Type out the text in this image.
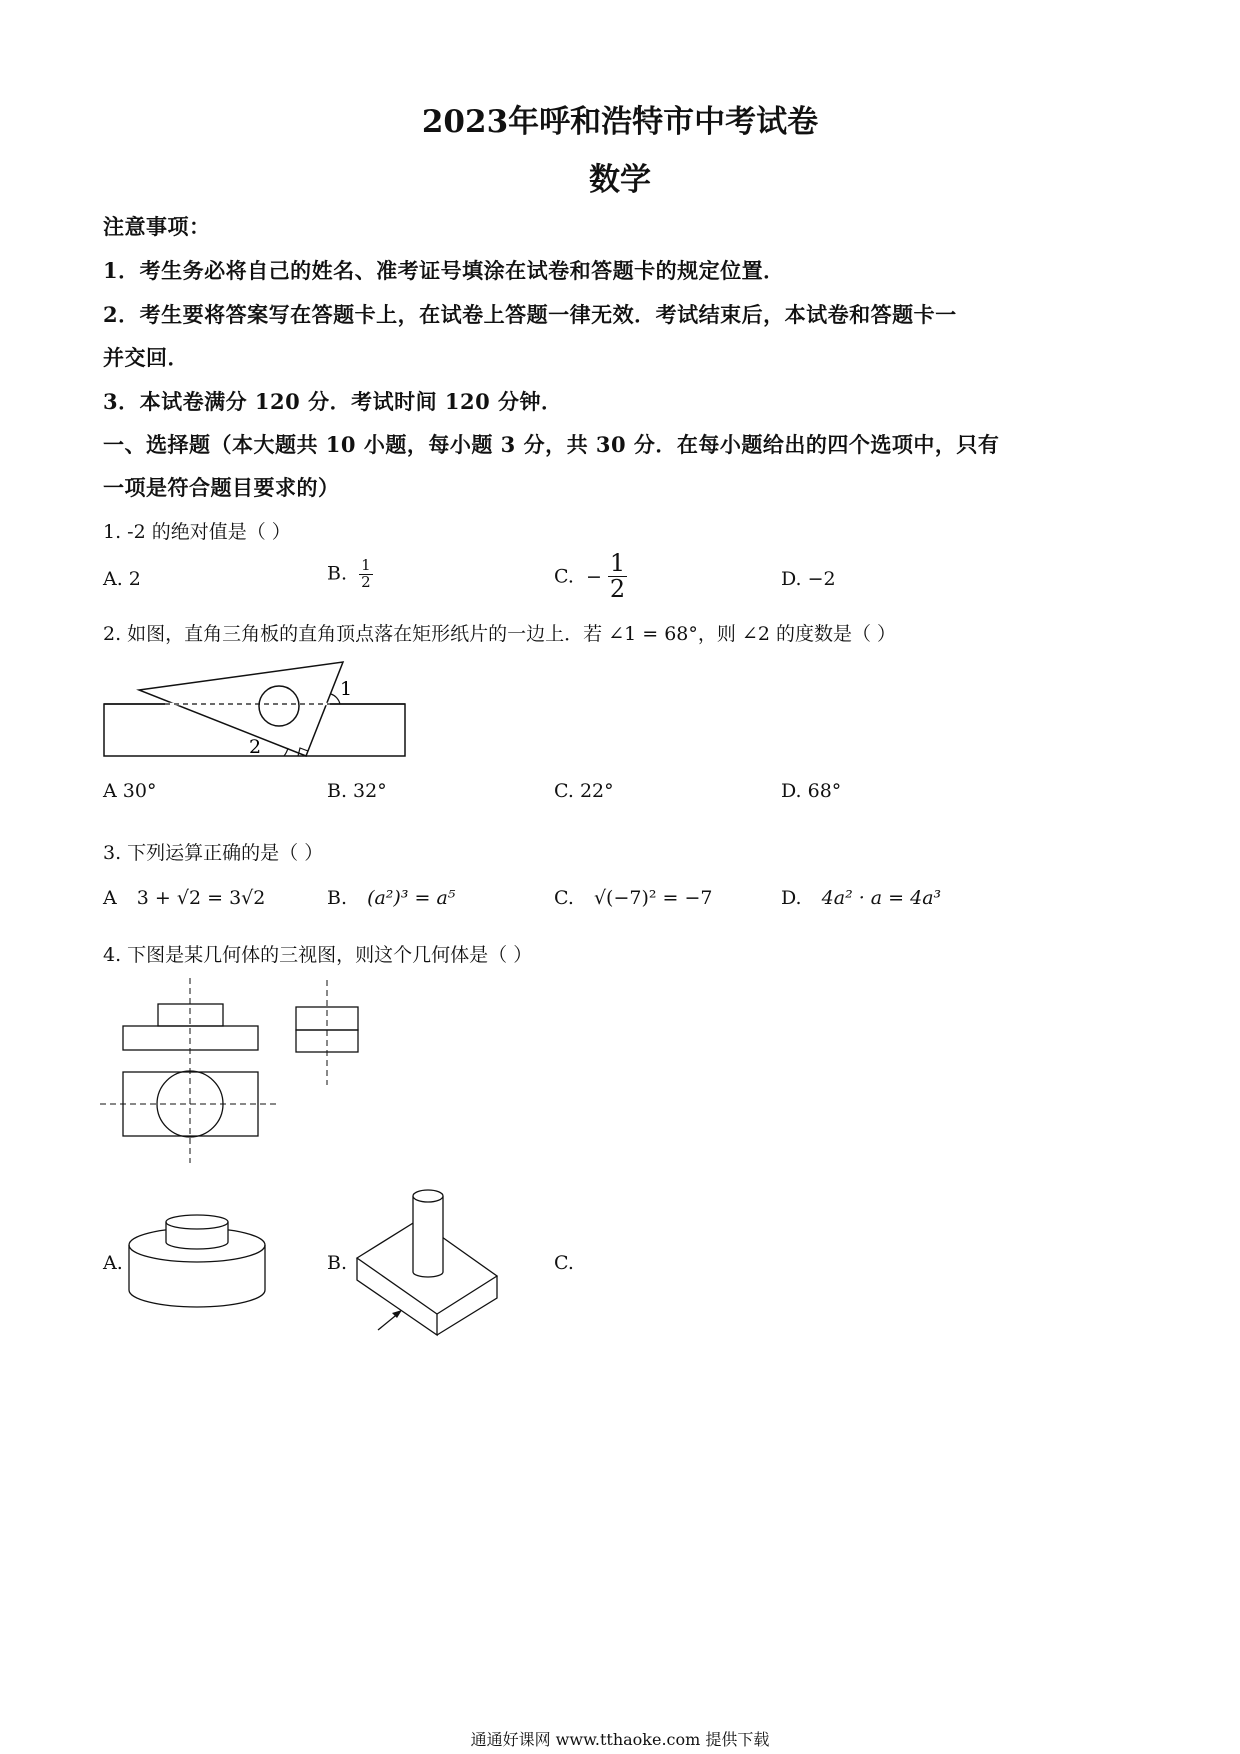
2023年呼和浩特市中考试卷
数学
注意事项：
1．考生务必将自己的姓名、准考证号填涂在试卷和答题卡的规定位置．
2．考生要将答案写在答题卡上，在试卷上答题一律无效．考试结束后，本试卷和答题卡一
并交回．
3．本试卷满分 120 分．考试时间 120 分钟．
一、选择题（本大题共 10 小题，每小题 3 分，共 30 分．在每小题给出的四个选项中，只有
一项是符合题目要求的）
1. -2 的绝对值是（ ）
A. 2	B. $\frac{1}{2}$	C. − $\frac{1}{2}$	D. −2
2. 如图，直角三角板的直角顶点落在矩形纸片的一边上．若 ∠1 = 68°，则 ∠2 的度数是（ ）
1
2
A 30°	B. 32°	C. 22°	D. 68°
3. 下列运算正确的是（ ）
A 3 + √2 = 3√2	B. (a²)³ = a⁵	C. √(−7)² = −7	D. 4a² · a = 4a³
4. 下图是某几何体的三视图，则这个几何体是（ ）
A.	B.	C.
通通好课网 www.tthaoke.com 提供下载
